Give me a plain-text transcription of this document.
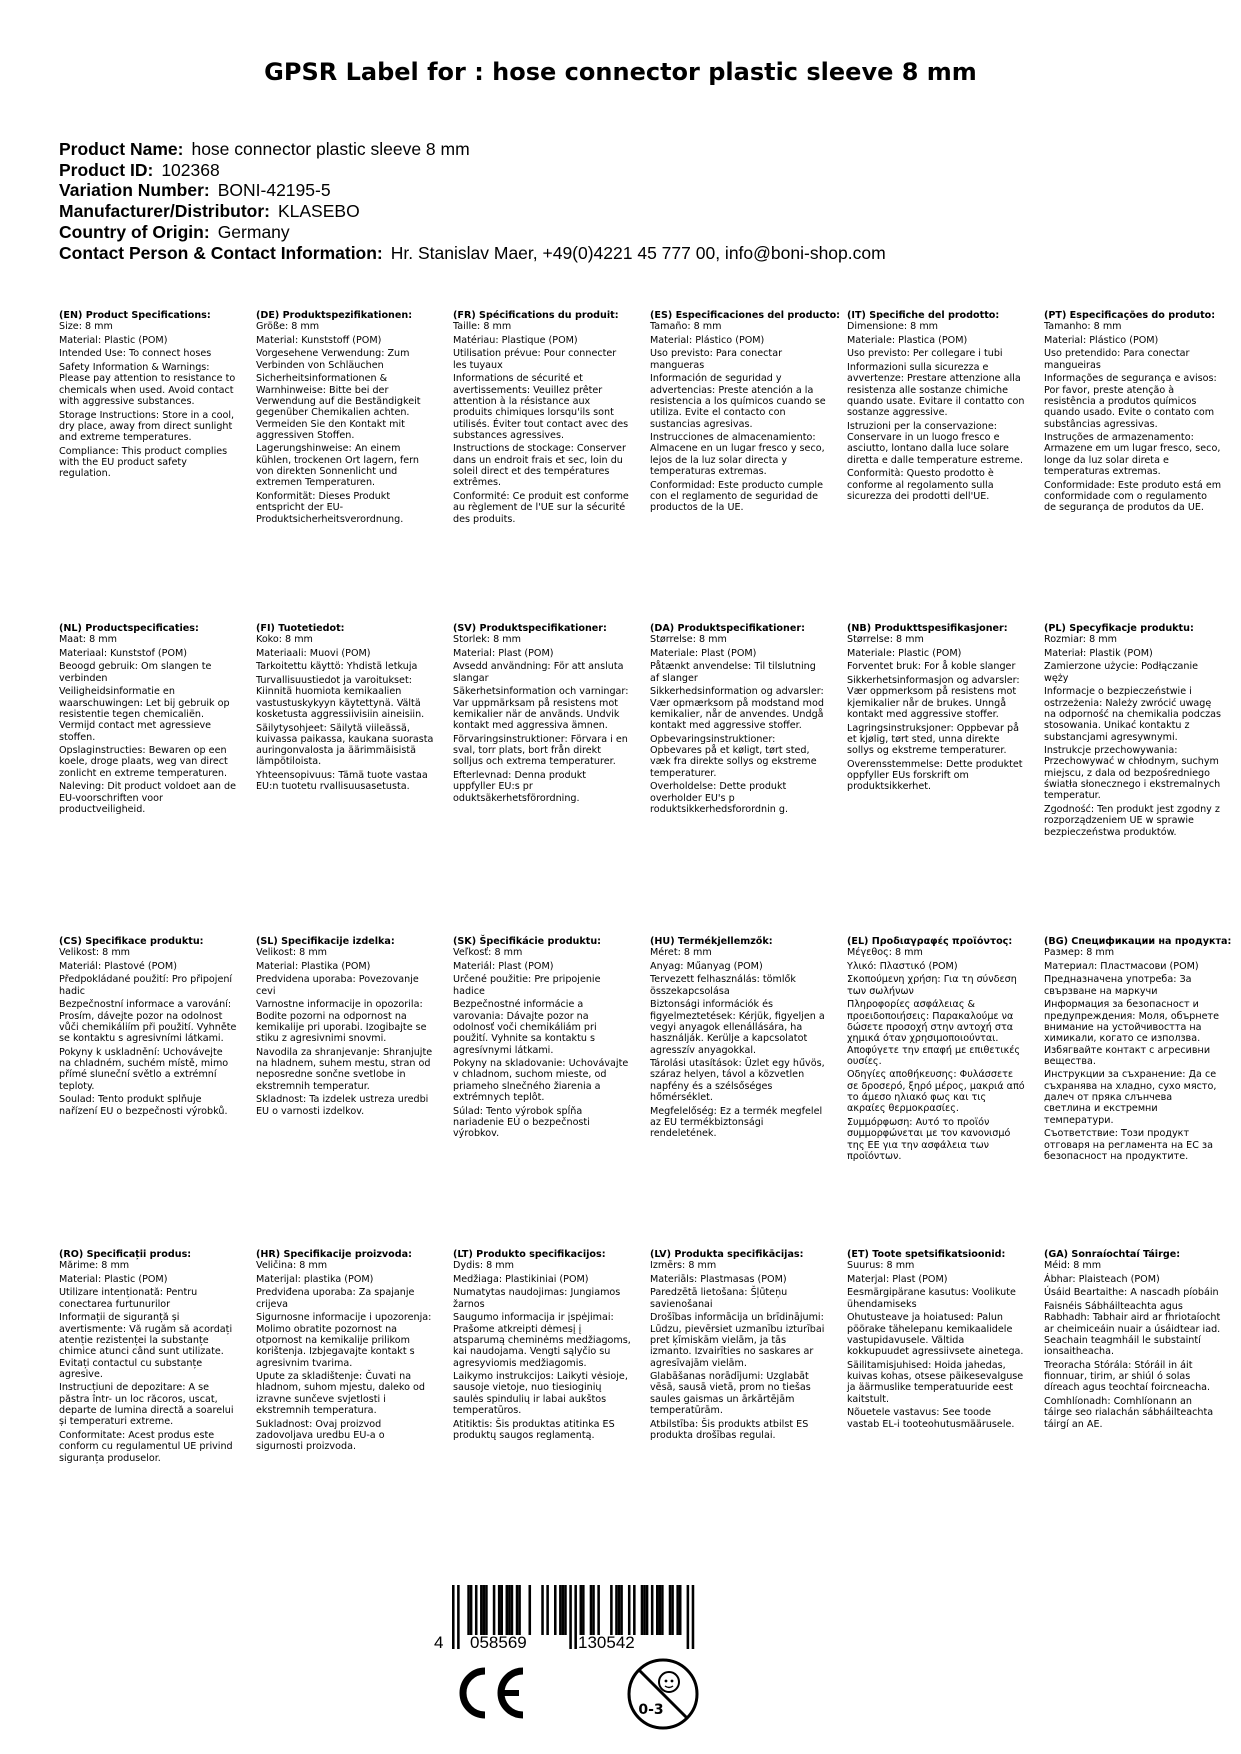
GPSR Label for : hose connector plastic sleeve 8 mm
Product Name: hose connector plastic sleeve 8 mm
Product ID: 102368
Variation Number: BONI-42195-5
Manufacturer/Distributor: KLASEBO
Country of Origin: Germany
Contact Person & Contact Information: Hr. Stanislav Maer, +49(0)4221 45 777 00, info@boni-shop.com
(EN) Product Specifications:
Size: 8 mm
Material: Plastic (POM)
Intended Use: To connect hoses
Safety Information & Warnings: Please pay attention to resistance to chemicals when used. Avoid contact with aggressive substances.
Storage Instructions: Store in a cool, dry place, away from direct sunlight and extreme temperatures.
Compliance: This product complies with the EU product safety regulation.
(DE) Produktspezifikationen:
Größe: 8 mm
Material: Kunststoff (POM)
Vorgesehene Verwendung: Zum Verbinden von Schläuchen
Sicherheitsinformationen & Warnhinweise: Bitte bei der Verwendung auf die Beständigkeit gegenüber Chemikalien achten. Vermeiden Sie den Kontakt mit aggressiven Stoffen.
Lagerungshinweise: An einem kühlen, trockenen Ort lagern, fern von direkten Sonnenlicht und extremen Temperaturen.
Konformität: Dieses Produkt entspricht der EU-Produktsicherheitsverordnung.
(FR) Spécifications du produit:
Taille: 8 mm
Matériau: Plastique (POM)
Utilisation prévue: Pour connecter les tuyaux
Informations de sécurité et avertissements: Veuillez prêter attention à la résistance aux produits chimiques lorsqu'ils sont utilisés. Éviter tout contact avec des substances agressives.
Instructions de stockage: Conserver dans un endroit frais et sec, loin du soleil direct et des températures extrêmes.
Conformité: Ce produit est conforme au règlement de l'UE sur la sécurité des produits.
(ES) Especificaciones del producto:
Tamaño: 8 mm
Material: Plástico (POM)
Uso previsto: Para conectar mangueras
Información de seguridad y advertencias: Preste atención a la resistencia a los químicos cuando se utiliza. Evite el contacto con sustancias agresivas.
Instrucciones de almacenamiento: Almacene en un lugar fresco y seco, lejos de la luz solar directa y temperaturas extremas.
Conformidad: Este producto cumple con el reglamento de seguridad de productos de la UE.
(IT) Specifiche del prodotto:
Dimensione: 8 mm
Materiale: Plastica (POM)
Uso previsto: Per collegare i tubi
Informazioni sulla sicurezza e avvertenze: Prestare attenzione alla resistenza alle sostanze chimiche quando usate. Evitare il contatto con sostanze aggressive.
Istruzioni per la conservazione: Conservare in un luogo fresco e asciutto, lontano dalla luce solare diretta e dalle temperature estreme.
Conformità: Questo prodotto è conforme al regolamento sulla sicurezza dei prodotti dell'UE.
(PT) Especificações do produto:
Tamanho: 8 mm
Material: Plástico (POM)
Uso pretendido: Para conectar mangueiras
Informações de segurança e avisos: Por favor, preste atenção à resistência a produtos químicos quando usado. Evite o contato com substâncias agressivas.
Instruções de armazenamento: Armazene em um lugar fresco, seco, longe da luz solar direta e temperaturas extremas.
Conformidade: Este produto está em conformidade com o regulamento de segurança de produtos da UE.
(NL) Productspecificaties:
Maat: 8 mm
Materiaal: Kunststof (POM)
Beoogd gebruik: Om slangen te verbinden
Veiligheidsinformatie en waarschuwingen: Let bij gebruik op resistentie tegen chemicaliën. Vermijd contact met agressieve stoffen.
Opslaginstructies: Bewaren op een koele, droge plaats, weg van direct zonlicht en extreme temperaturen.
Naleving: Dit product voldoet aan de EU-voorschriften voor productveiligheid.
(FI) Tuotetiedot:
Koko: 8 mm
Materiaali: Muovi (POM)
Tarkoitettu käyttö: Yhdistä letkuja
Turvallisuustiedot ja varoitukset: Kiinnitä huomiota kemikaalien vastustuskykyyn käytettynä. Vältä kosketusta aggressiivisiin aineisiin.
Säilytysohjeet: Säilytä viileässä, kuivassa paikassa, kaukana suorasta auringonvalosta ja äärimmäisistä lämpötiloista.
Yhteensopivuus: Tämä tuote vastaa EU:n tuotetu rvallisuusasetusta.
(SV) Produktspecifikationer:
Storlek: 8 mm
Material: Plast (POM)
Avsedd användning: För att ansluta slangar
Säkerhetsinformation och varningar: Var uppmärksam på resistens mot kemikalier när de används. Undvik kontakt med aggressiva ämnen.
Förvaringsinstruktioner: Förvara i en sval, torr plats, bort från direkt solljus och extrema temperaturer.
Efterlevnad: Denna produkt uppfyller EU:s pr oduktsäkerhetsförordning.
(DA) Produktspecifikationer:
Størrelse: 8 mm
Materiale: Plast (POM)
Påtænkt anvendelse: Til tilslutning af slanger
Sikkerhedsinformation og advarsler: Vær opmærksom på modstand mod kemikalier, når de anvendes. Undgå kontakt med aggressive stoffer.
Opbevaringsinstruktioner: Opbevares på et køligt, tørt sted, væk fra direkte sollys og ekstreme temperaturer.
Overholdelse: Dette produkt overholder EU's p roduktsikkerhedsforordnin g.
(NB) Produkttspesifikasjoner:
Størrelse: 8 mm
Materiale: Plastic (POM)
Forventet bruk: For å koble slanger
Sikkerhetsinformasjon og advarsler: Vær oppmerksom på resistens mot kjemikalier når de brukes. Unngå kontakt med aggressive stoffer.
Lagringsinstruksjoner: Oppbevar på et kjølig, tørt sted, unna direkte sollys og ekstreme temperaturer.
Overensstemmelse: Dette produktet oppfyller EUs forskrift om produktsikkerhet.
(PL) Specyfikacje produktu:
Rozmiar: 8 mm
Materiał: Plastik (POM)
Zamierzone użycie: Podłączanie węży
Informacje o bezpieczeństwie i ostrzeżenia: Należy zwrócić uwagę na odporność na chemikalia podczas stosowania. Unikać kontaktu z substancjami agresywnymi.
Instrukcje przechowywania: Przechowywać w chłodnym, suchym miejscu, z dala od bezpośredniego światła słonecznego i ekstremalnych temperatur.
Zgodność: Ten produkt jest zgodny z rozporządzeniem UE w sprawie bezpieczeństwa produktów.
(CS) Specifikace produktu:
Velikost: 8 mm
Materiál: Plastové (POM)
Předpokládané použití: Pro připojení hadic
Bezpečnostní informace a varování: Prosím, dávejte pozor na odolnost vůči chemikáliím při použití. Vyhněte se kontaktu s agresivními látkami.
Pokyny k uskladnění: Uchovávejte na chladném, suchém místě, mimo přímé sluneční světlo a extrémní teploty.
Soulad: Tento produkt splňuje nařízení EU o bezpečnosti výrobků.
(SL) Specifikacije izdelka:
Velikost: 8 mm
Material: Plastika (POM)
Predvidena uporaba: Povezovanje cevi
Varnostne informacije in opozorila: Bodite pozorni na odpornost na kemikalije pri uporabi. Izogibajte se stiku z agresivnimi snovmi.
Navodila za shranjevanje: Shranjujte na hladnem, suhem mestu, stran od neposredne sončne svetlobe in ekstremnih temperatur.
Skladnost: Ta izdelek ustreza uredbi EU o varnosti izdelkov.
(SK) Špecifikácie produktu:
Veľkosť: 8 mm
Materiál: Plast (POM)
Určené použitie: Pre pripojenie hadice
Bezpečnostné informácie a varovania: Dávajte pozor na odolnosť voči chemikáliám pri použití. Vyhnite sa kontaktu s agresívnymi látkami.
Pokyny na skladovanie: Uchovávajte v chladnom, suchom mieste, od priameho slnečného žiarenia a extrémnych teplôt.
Súlad: Tento výrobok spĺňa nariadenie EÚ o bezpečnosti výrobkov.
(HU) Termékjellemzők:
Méret: 8 mm
Anyag: Műanyag (POM)
Tervezett felhasználás: tömlők összekapcsolása
Biztonsági információk és figyelmeztetések: Kérjük, figyeljen a vegyi anyagok ellenállására, ha használják. Kerülje a kapcsolatot agresszív anyagokkal.
Tárolási utasítások: Üzlet egy hűvös, száraz helyen, távol a közvetlen napfény és a szélsőséges hőmérséklet.
Megfelelőség: Ez a termék megfelel az EU termékbiztonsági rendeletének.
(EL) Προδιαγραφές προϊόντος:
Μέγεθος: 8 mm
Υλικό: Πλαστικό (POM)
Σκοπούμενη χρήση: Για τη σύνδεση των σωλήνων
Πληροφορίες ασφάλειας & προειδοποιήσεις: Παρακαλούμε να δώσετε προσοχή στην αντοχή στα χημικά όταν χρησιμοποιούνται. Αποφύγετε την επαφή με επιθετικές ουσίες.
Οδηγίες αποθήκευσης: Φυλάσσετε σε δροσερό, ξηρό μέρος, μακριά από το άμεσο ηλιακό φως και τις ακραίες θερμοκρασίες.
Συμμόρφωση: Αυτό το προϊόν συμμορφώνεται με τον κανονισμό της ΕΕ για την ασφάλεια των προϊόντων.
(BG) Спецификации на продукта:
Размер: 8 mm
Материал: Пластмасови (POM)
Предназначена употреба: За свързване на маркучи
Информация за безопасност и предупреждения: Моля, обърнете внимание на устойчивостта на химикали, когато се използва. Избягвайте контакт с агресивни вещества.
Инструкции за съхранение: Да се съхранява на хладно, сухо място, далеч от пряка слънчева светлина и екстремни температури.
Съответствие: Този продукт отговаря на регламента на ЕС за безопасност на продуктите.
(RO) Specificații produs:
Mărime: 8 mm
Material: Plastic (POM)
Utilizare intenționată: Pentru conectarea furtunurilor
Informații de siguranță și avertismente: Vă rugăm să acordați atenție rezistenței la substanțe chimice atunci când sunt utilizate. Evitați contactul cu substanțe agresive.
Instrucțiuni de depozitare: A se păstra într- un loc răcoros, uscat, departe de lumina directă a soarelui și temperaturi extreme.
Conformitate: Acest produs este conform cu regulamentul UE privind siguranța produselor.
(HR) Specifikacije proizvoda:
Veličina: 8 mm
Materijal: plastika (POM)
Predviđena uporaba: Za spajanje crijeva
Sigurnosne informacije i upozorenja: Molimo obratite pozornost na otpornost na kemikalije prilikom korištenja. Izbjegavajte kontakt s agresivnim tvarima.
Upute za skladištenje: Čuvati na hladnom, suhom mjestu, daleko od izravne sunčeve svjetlosti i ekstremnih temperatura.
Sukladnost: Ovaj proizvod zadovoljava uredbu EU-a o sigurnosti proizvoda.
(LT) Produkto specifikacijos:
Dydis: 8 mm
Medžiaga: Plastikiniai (POM)
Numatytas naudojimas: Jungiamos žarnos
Saugumo informacija ir įspėjimai: Prašome atkreipti dėmesį į atsparumą cheminėms medžiagoms, kai naudojama. Vengti sąlyčio su agresyviomis medžiagomis.
Laikymo instrukcijos: Laikyti vėsioje, sausoje vietoje, nuo tiesioginių saulės spindulių ir labai aukštos temperatūros.
Atitiktis: Šis produktas atitinka ES produktų saugos reglamentą.
(LV) Produkta specifikācijas:
Izmērs: 8 mm
Materiāls: Plastmasas (POM)
Paredzētā lietošana: Šļūteņu savienošanai
Drošības informācija un brīdinājumi: Lūdzu, pievērsiet uzmanību izturībai pret ķīmiskām vielām, ja tās izmanto. Izvairīties no saskares ar agresīvajām vielām.
Glabāšanas norādījumi: Uzglabāt vēsā, sausā vietā, prom no tiešas saules gaismas un ārkārtējām temperatūrām.
Atbilstība: Šis produkts atbilst ES produkta drošības regulai.
(ET) Toote spetsifikatsioonid:
Suurus: 8 mm
Materjal: Plast (POM)
Eesmärgipärane kasutus: Voolikute ühendamiseks
Ohutusteave ja hoiatused: Palun pöörake tähelepanu kemikaalidele vastupidavusele. Vältida kokkupuudet agressiivsete ainetega.
Säilitamisjuhised: Hoida jahedas, kuivas kohas, otsese päikesevalguse ja äärmuslike temperatuuride eest kaitstult.
Nõuetele vastavus: See toode vastab EL-i tooteohutusmäärusele.
(GA) Sonraíochtaí Táirge:
Méid: 8 mm
Ábhar: Plaisteach (POM)
Úsáid Beartaithe: A nascadh píobáin
Faisnéis Sábháilteachta agus Rabhadh: Tabhair aird ar fhriotaíocht ar cheimiceáin nuair a úsáidtear iad. Seachain teagmháil le substaintí ionsaitheacha.
Treoracha Stórála: Stóráil in áit fionnuar, tirim, ar shiúl ó solas díreach agus teochtaí foircneacha.
Comhlíonadh: Comhlíonann an táirge seo rialachán sábháilteachta táirgí an AE.
4 058569	130542
0-3
